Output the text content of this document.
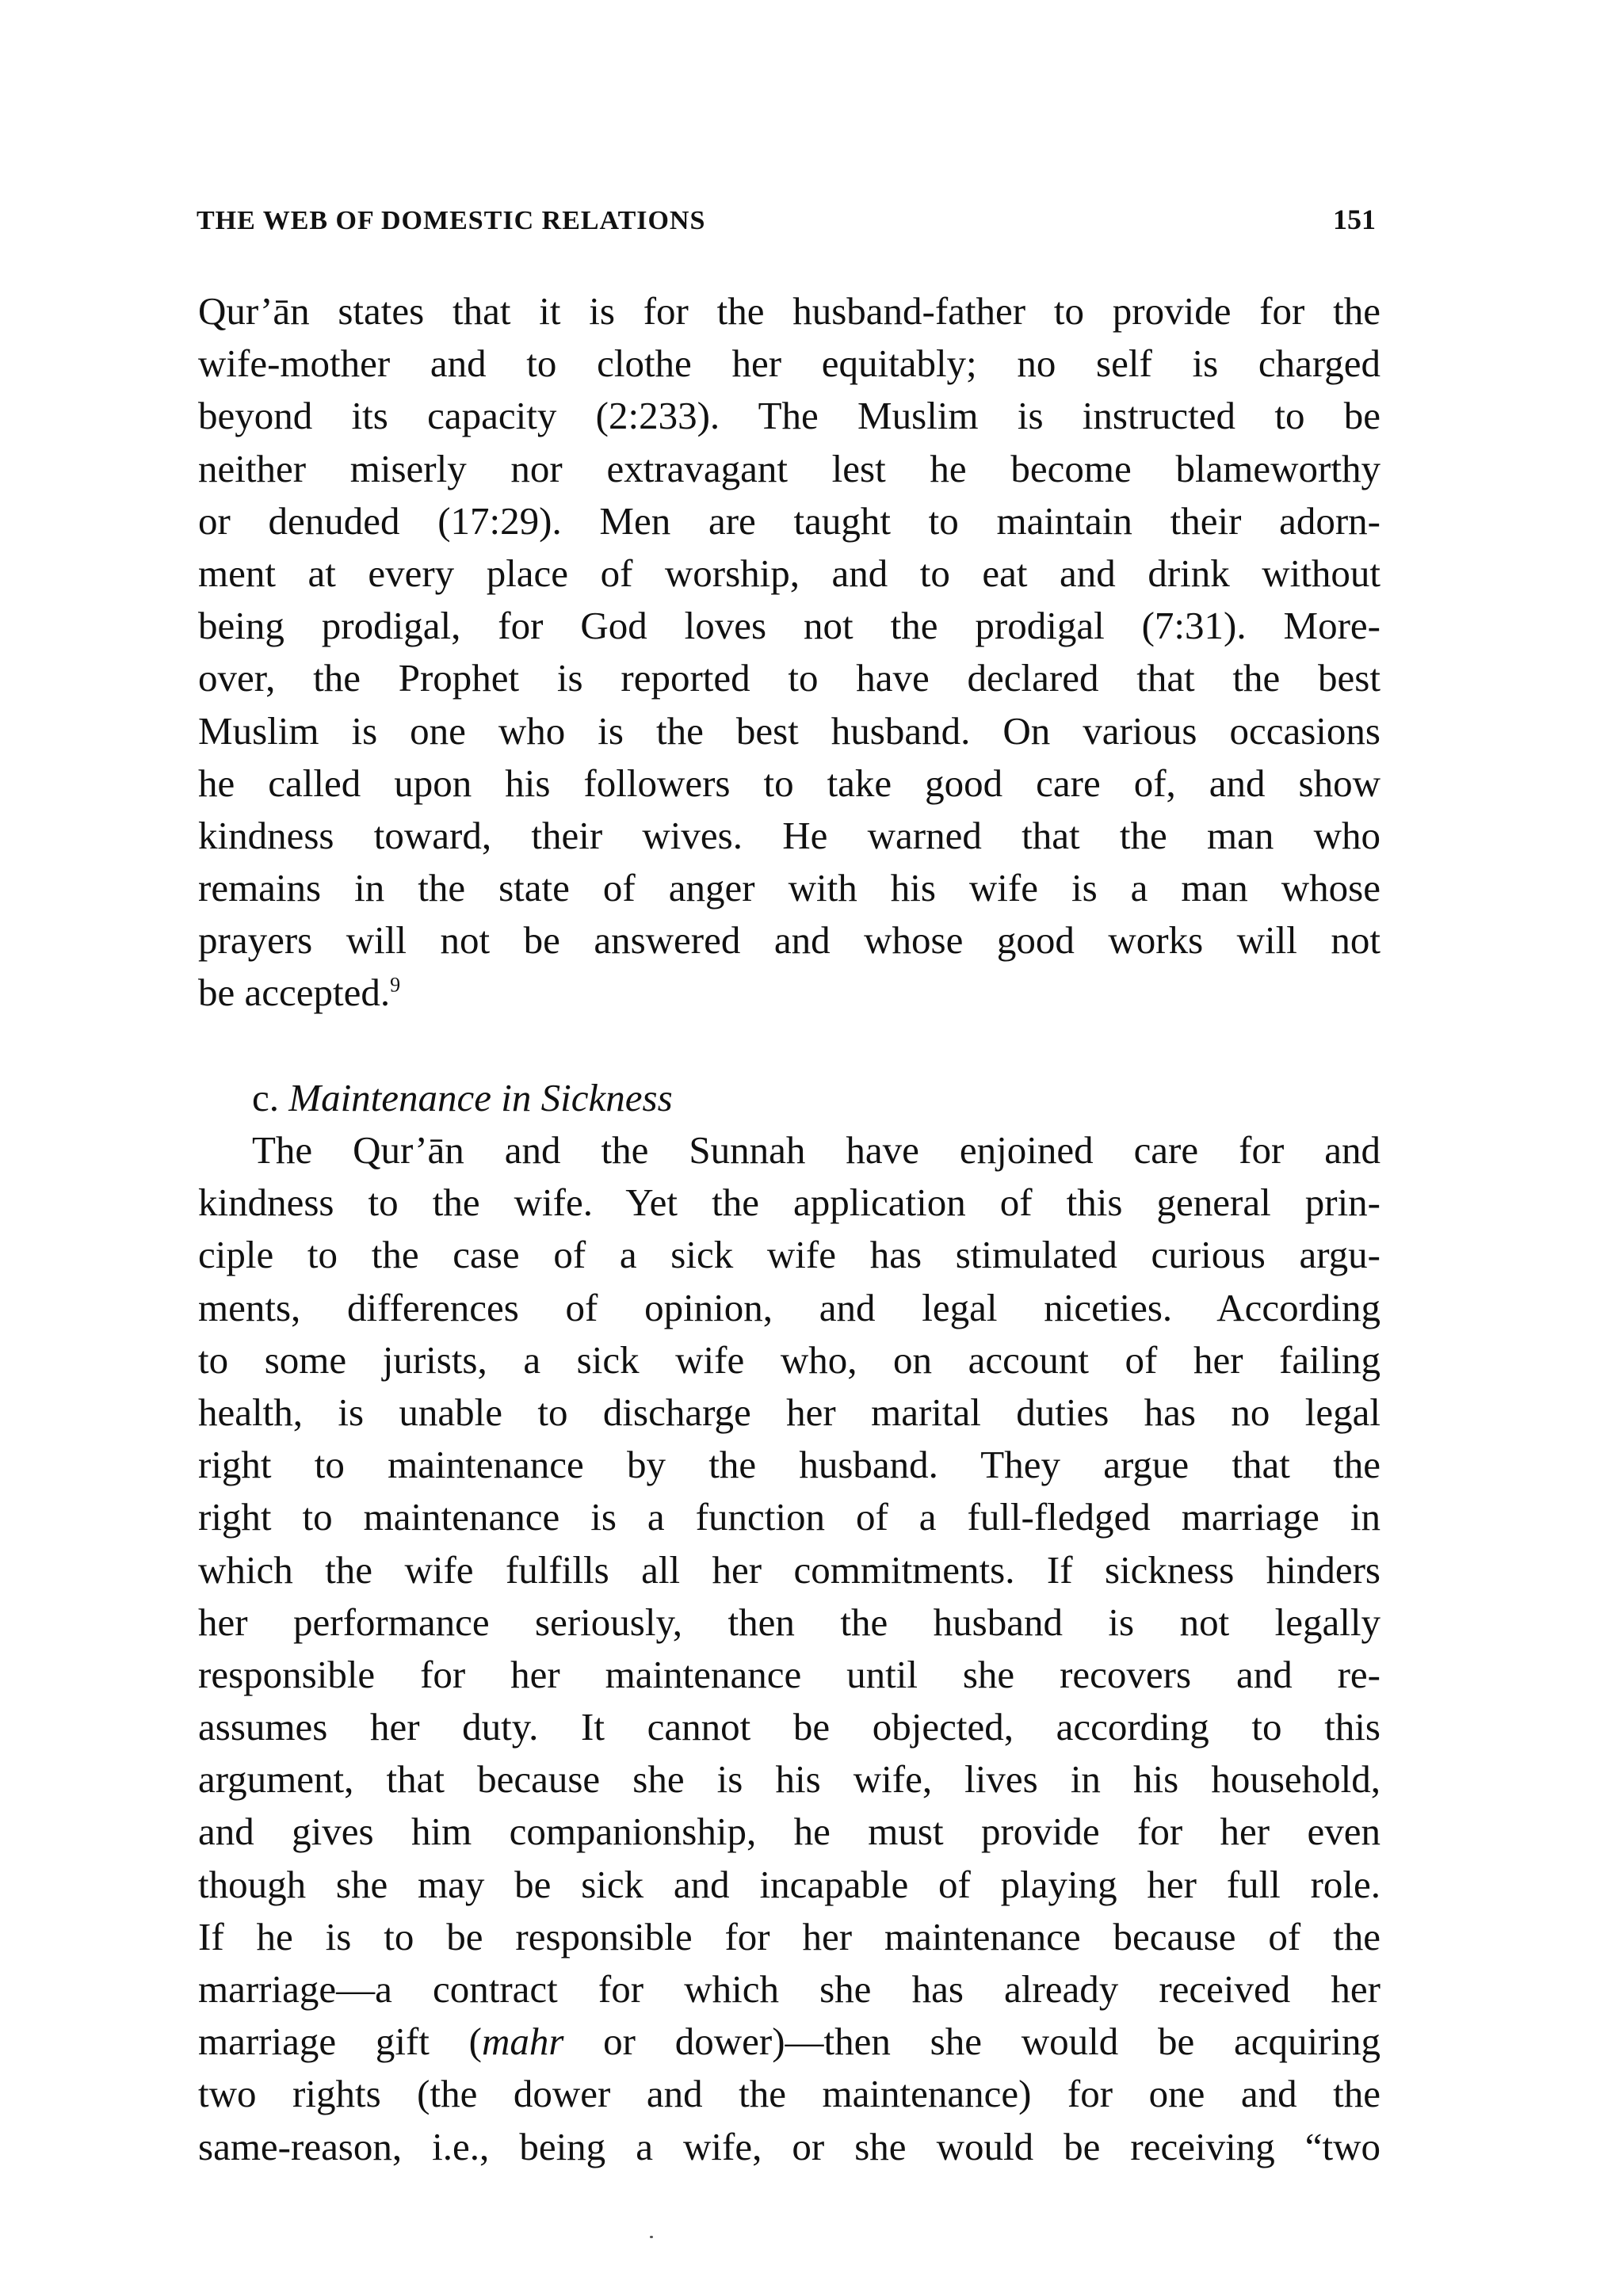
THE WEB OF DOMESTIC RELATIONS	151
Qur’ān states that it is for the husband-father to provide for the
wife-mother and to clothe her equitably; no self is charged
beyond its capacity (2:233). The Muslim is instructed to be
neither miserly nor extravagant lest he become blameworthy
or denuded (17:29). Men are taught to maintain their adorn-
ment at every place of worship, and to eat and drink without
being prodigal, for God loves not the prodigal (7:31). More-
over, the Prophet is reported to have declared that the best
Muslim is one who is the best husband. On various occasions
he called upon his followers to take good care of, and show
kindness toward, their wives. He warned that the man who
remains in the state of anger with his wife is a man whose
prayers will not be answered and whose good works will not
be accepted.$^9$
c. Maintenance in Sickness
The Qur’ān and the Sunnah have enjoined care for and
kindness to the wife. Yet the application of this general prin-
ciple to the case of a sick wife has stimulated curious argu-
ments, differences of opinion, and legal niceties. According
to some jurists, a sick wife who, on account of her failing
health, is unable to discharge her marital duties has no legal
right to maintenance by the husband. They argue that the
right to maintenance is a function of a full-fledged marriage in
which the wife fulfills all her commitments. If sickness hinders
her performance seriously, then the husband is not legally
responsible for her maintenance until she recovers and re-
assumes her duty. It cannot be objected, according to this
argument, that because she is his wife, lives in his household,
and gives him companionship, he must provide for her even
though she may be sick and incapable of playing her full role.
If he is to be responsible for her maintenance because of the
marriage—a contract for which she has already received her
marriage gift (mahr or dower)—then she would be acquiring
two rights (the dower and the maintenance) for one and the
same-reason, i.e., being a wife, or she would be receiving “two
